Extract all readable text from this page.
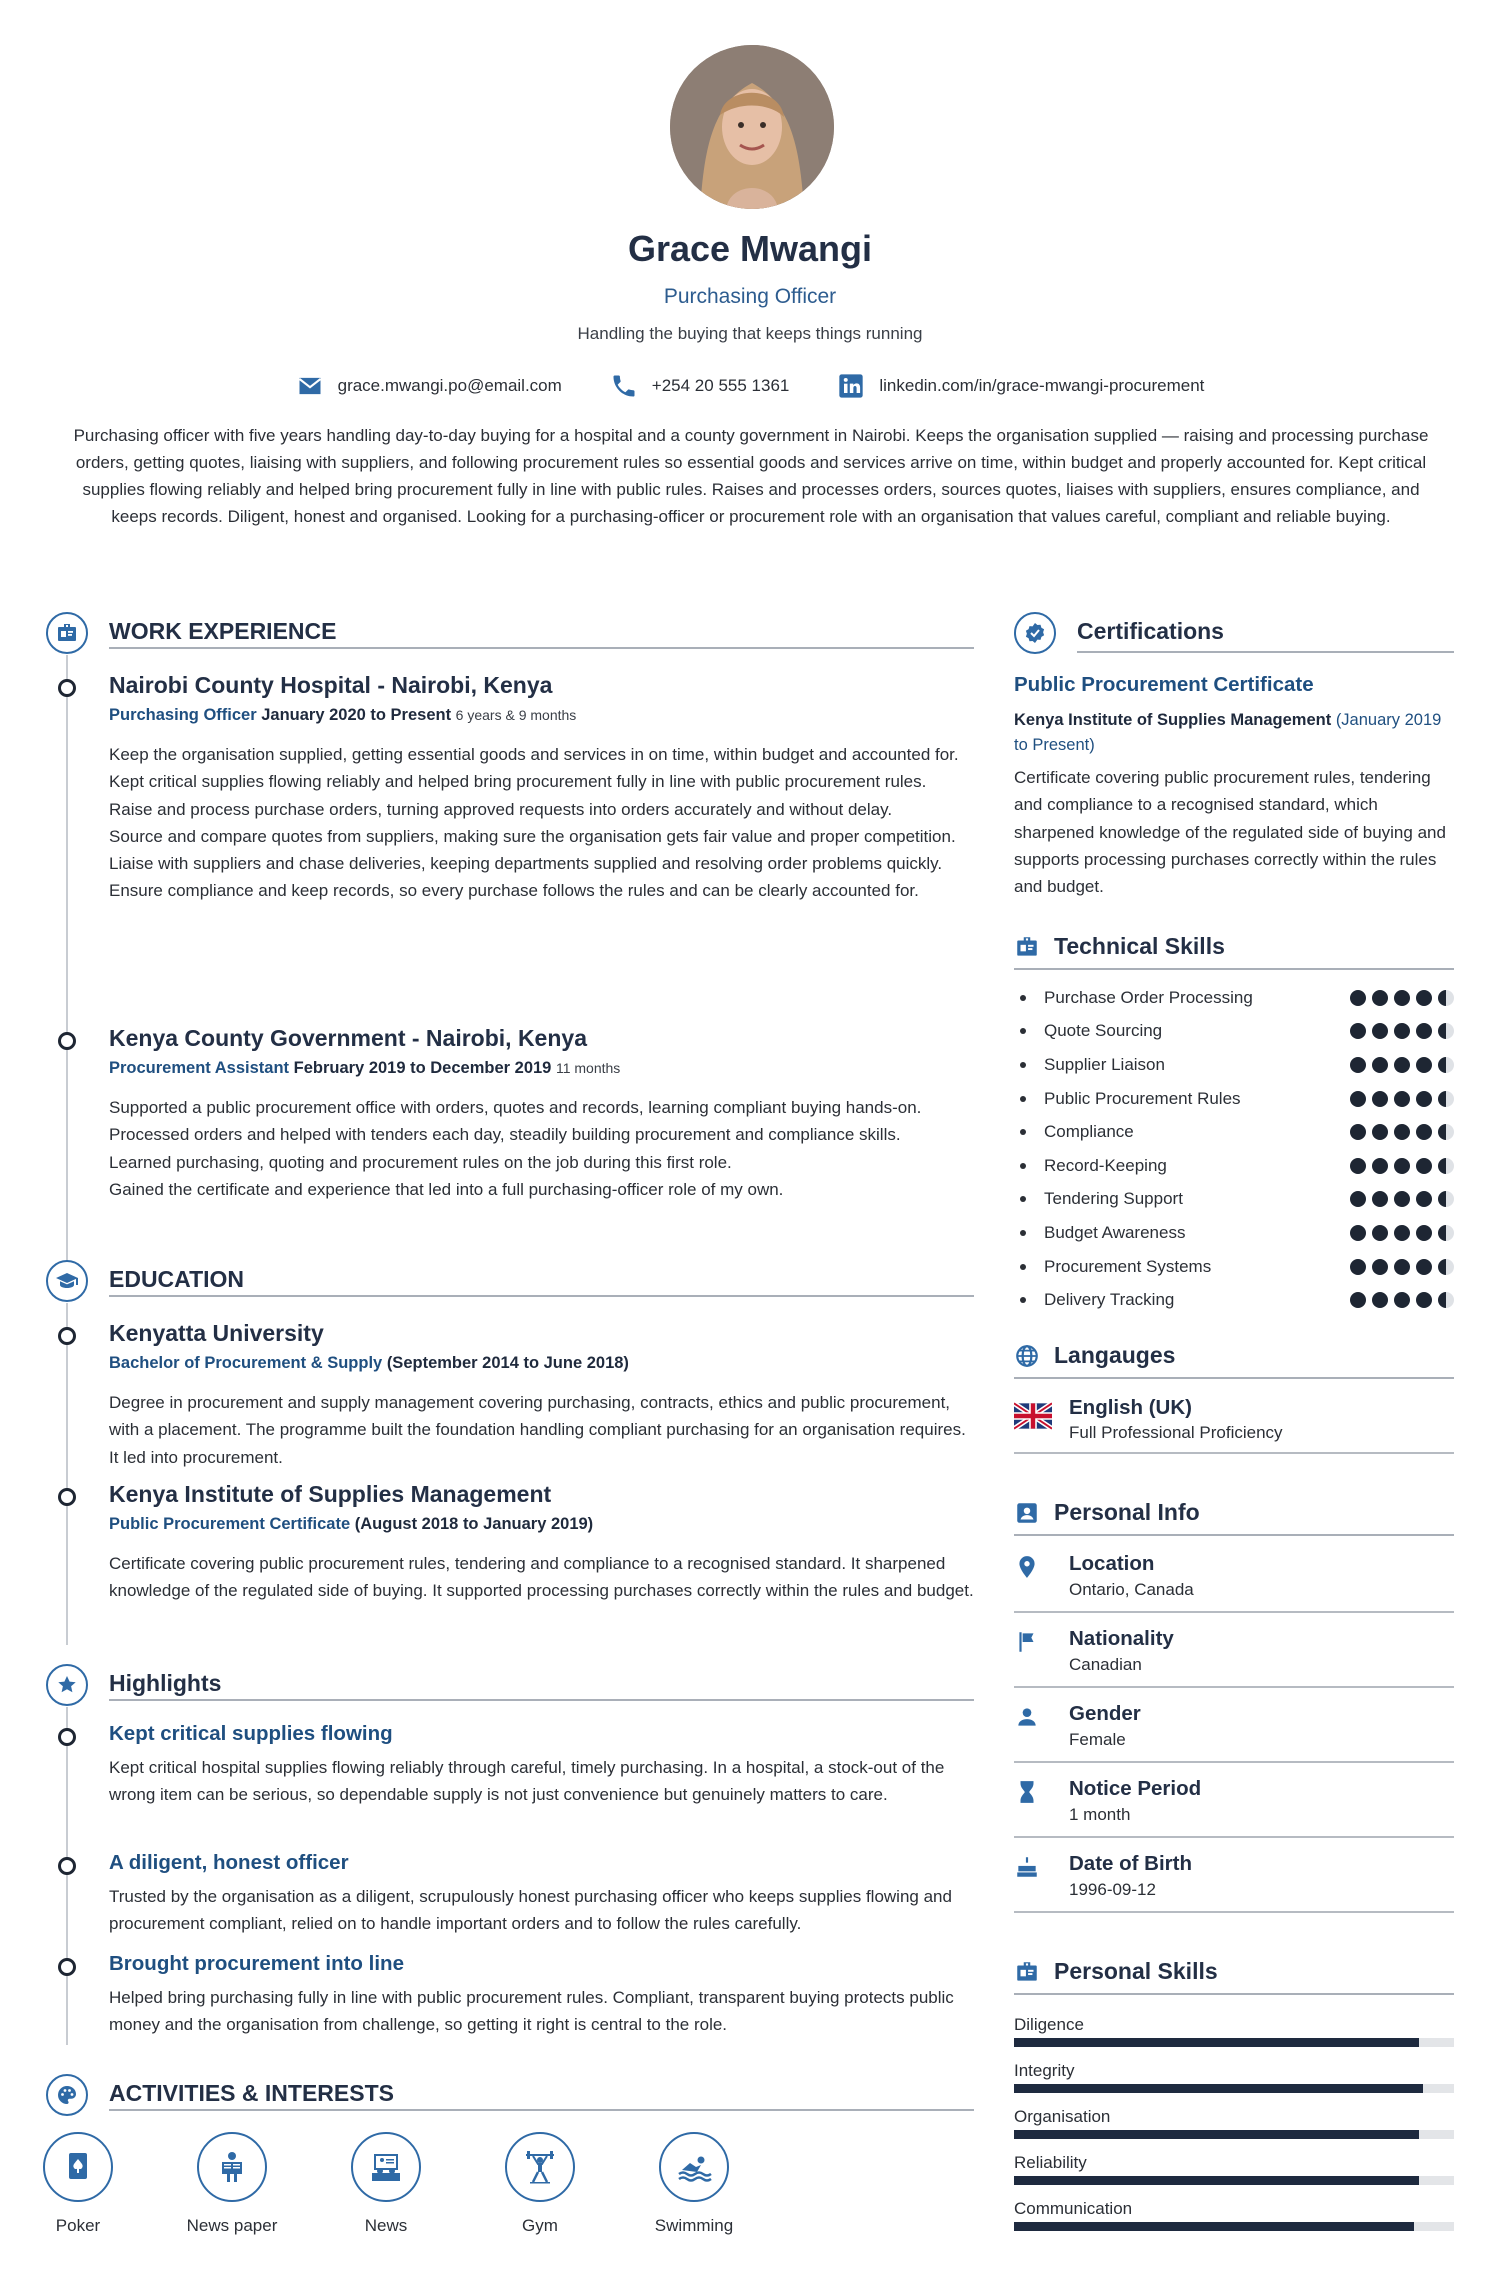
Grace Mwangi
Purchasing Officer
Handling the buying that keeps things running
grace.mwangi.po@email.com	+254 20 555 1361	linkedin.com/in/grace-mwangi-procurement
Purchasing officer with five years handling day-to-day buying for a hospital and a county government in Nairobi. Keeps the organisation supplied — raising and processing purchase orders, getting quotes, liaising with suppliers, and following procurement rules so essential goods and services arrive on time, within budget and properly accounted for. Kept critical supplies flowing reliably and helped bring procurement fully in line with public rules. Raises and processes orders, sources quotes, liaises with suppliers, ensures compliance, and keeps records. Diligent, honest and organised. Looking for a purchasing-officer or procurement role with an organisation that values careful, compliant and reliable buying.
WORK EXPERIENCE
Nairobi County Hospital - Nairobi, Kenya
Purchasing Officer January 2020 to Present 6 years & 9 months
Keep the organisation supplied, getting essential goods and services in on time, within budget and accounted for.
Kept critical supplies flowing reliably and helped bring procurement fully in line with public procurement rules.
Raise and process purchase orders, turning approved requests into orders accurately and without delay.
Source and compare quotes from suppliers, making sure the organisation gets fair value and proper competition.
Liaise with suppliers and chase deliveries, keeping departments supplied and resolving order problems quickly.
Ensure compliance and keep records, so every purchase follows the rules and can be clearly accounted for.
Kenya County Government - Nairobi, Kenya
Procurement Assistant February 2019 to December 2019 11 months
Supported a public procurement office with orders, quotes and records, learning compliant buying hands-on.
Processed orders and helped with tenders each day, steadily building procurement and compliance skills.
Learned purchasing, quoting and procurement rules on the job during this first role.
Gained the certificate and experience that led into a full purchasing-officer role of my own.
EDUCATION
Kenyatta University
Bachelor of Procurement & Supply (September 2014 to June 2018)
Degree in procurement and supply management covering purchasing, contracts, ethics and public procurement, with a placement. The programme built the foundation handling compliant purchasing for an organisation requires. It led into procurement.
Kenya Institute of Supplies Management
Public Procurement Certificate (August 2018 to January 2019)
Certificate covering public procurement rules, tendering and compliance to a recognised standard. It sharpened knowledge of the regulated side of buying. It supported processing purchases correctly within the rules and budget.
Highlights
Kept critical supplies flowing
Kept critical hospital supplies flowing reliably through careful, timely purchasing. In a hospital, a stock-out of the wrong item can be serious, so dependable supply is not just convenience but genuinely matters to care.
A diligent, honest officer
Trusted by the organisation as a diligent, scrupulously honest purchasing officer who keeps supplies flowing and procurement compliant, relied on to handle important orders and to follow the rules carefully.
Brought procurement into line
Helped bring purchasing fully in line with public procurement rules. Compliant, transparent buying protects public money and the organisation from challenge, so getting it right is central to the role.
ACTIVITIES & INTERESTS
Poker	News paper	News	Gym	Swimming
Certifications
Public Procurement Certificate
Kenya Institute of Supplies Management (January 2019 to Present)
Certificate covering public procurement rules, tendering and compliance to a recognised standard, which sharpened knowledge of the regulated side of buying and supports processing purchases correctly within the rules and budget.
Technical Skills
Purchase Order Processing
Quote Sourcing
Supplier Liaison
Public Procurement Rules
Compliance
Record-Keeping
Tendering Support
Budget Awareness
Procurement Systems
Delivery Tracking
Langauges
English (UK)
Full Professional Proficiency
Personal Info
Location
Ontario, Canada
Nationality
Canadian
Gender
Female
Notice Period
1 month
Date of Birth
1996-09-12
Personal Skills
Diligence
Integrity
Organisation
Reliability
Communication
